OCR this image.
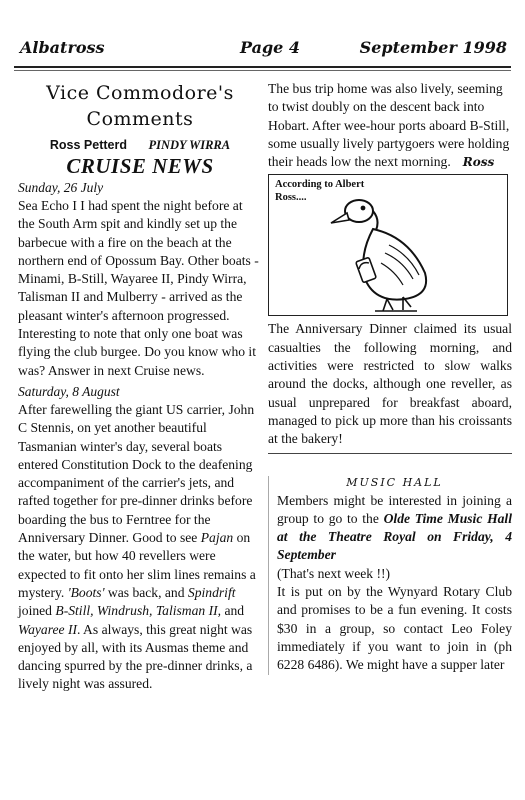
Albatross	Page 4	September 1998
Vice Commodore's
Comments
Ross Petterd PINDY WIRRA
CRUISE NEWS
Sunday, 26 July
Sea Echo I I had spent the night before at the South Arm spit and kindly set up the barbecue with a fire on the beach at the northern end of Opossum Bay. Other boats - Minami, B-Still, Wayaree II, Pindy Wirra, Talisman II and Mulberry - arrived as the pleasant winter's afternoon progressed. Interesting to note that only one boat was flying the club burgee. Do you know who it was? Answer in next Cruise news.
Saturday, 8 August
After farewelling the giant US carrier, John C Stennis, on yet another beautiful Tasmanian winter's day, several boats entered Constitution Dock to the deafening accompaniment of the carrier's jets, and rafted together for pre-dinner drinks before boarding the bus to Ferntree for the Anniversary Dinner. Good to see Pajan on the water, but how 40 revellers were expected to fit onto her slim lines remains a mystery. 'Boots' was back, and Spindrift joined B-Still, Windrush, Talisman II, and Wayaree II. As always, this great night was enjoyed by all, with its Ausmas theme and dancing spurred by the pre-dinner drinks, a lively night was assured.
The bus trip home was also lively, seeming to twist doubly on the descent back into Hobart. After wee-hour ports aboard B-Still, some usually lively partygoers were holding their heads low the next morning. Ross
According to Albert Ross....
The Anniversary Dinner claimed its usual casualties the following morning, and activities were restricted to slow walks around the docks, although one reveller, as usual unprepared for breakfast aboard, managed to pick up more than his croissants at the bakery!
MUSIC HALL
Members might be interested in joining a group to go to the Olde Time Music Hall at the Theatre Royal on Friday, 4 September
(That's next week !!)
It is put on by the Wynyard Rotary Club and promises to be a fun evening. It costs $30 in a group, so contact Leo Foley immediately if you want to join in (ph 6228 6486). We might have a supper later
